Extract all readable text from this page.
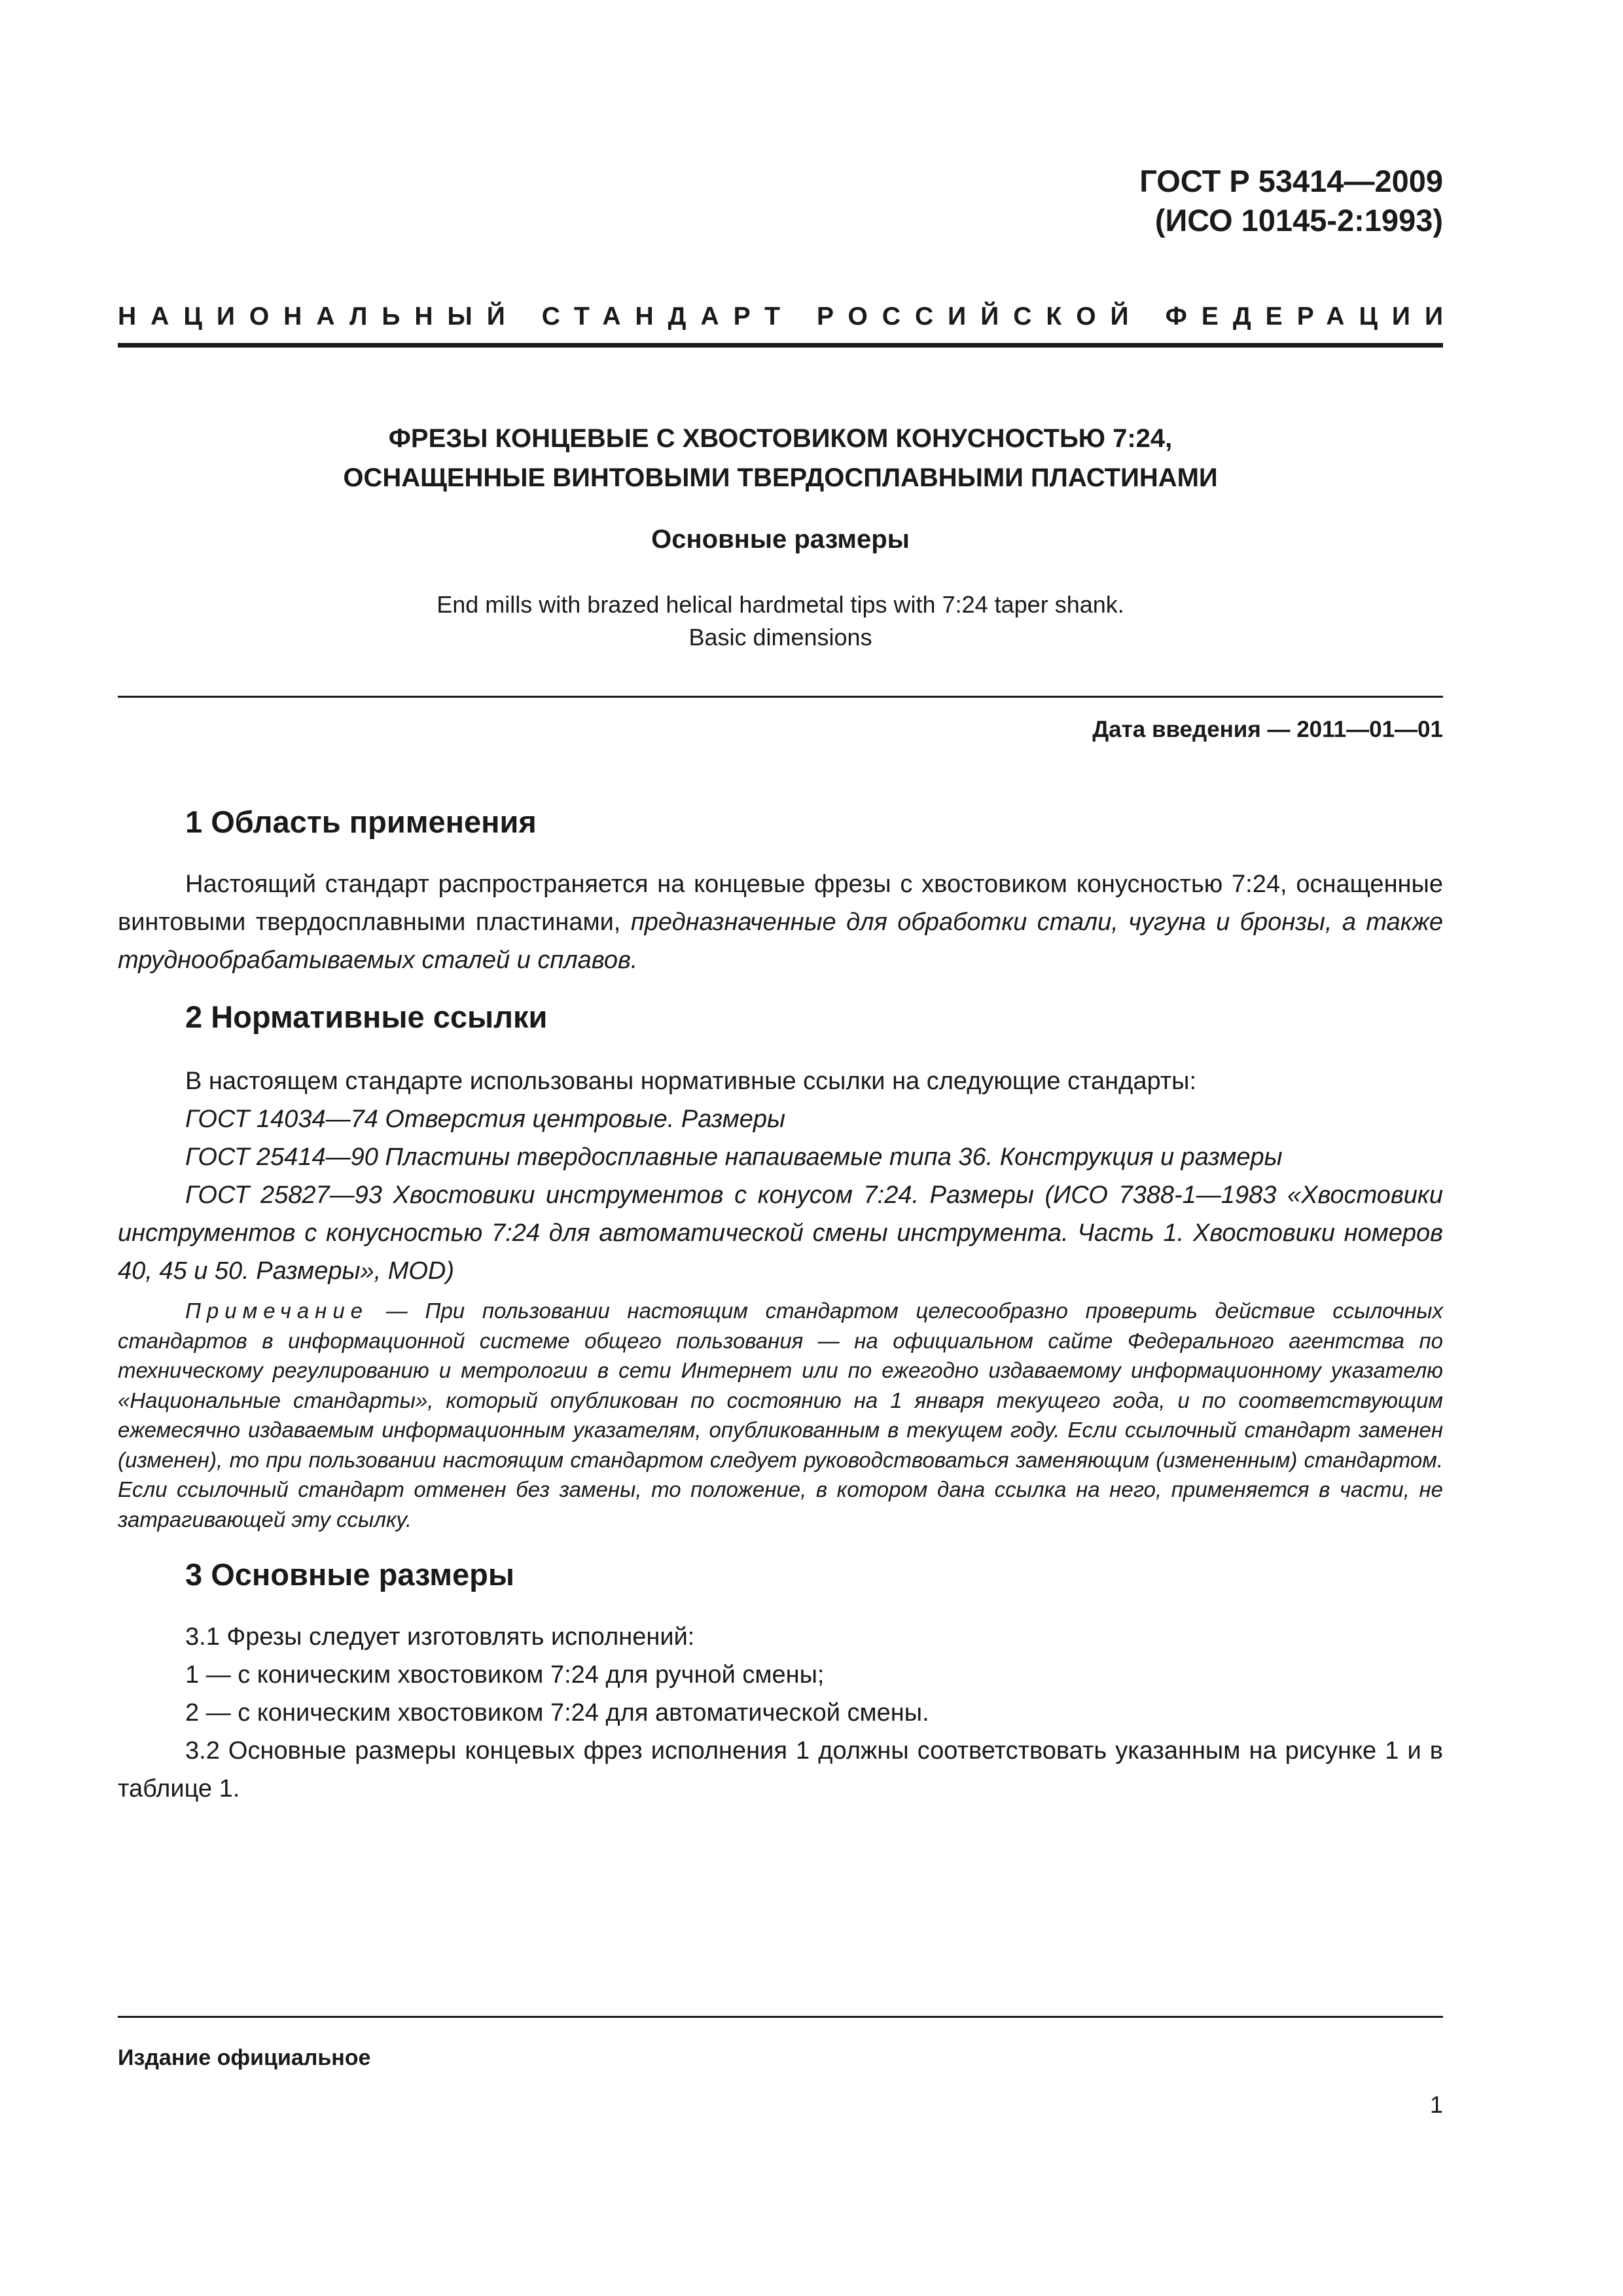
ГОСТ Р 53414—2009
(ИСО 10145-2:1993)
НАЦИОНАЛЬНЫЙ СТАНДАРТ РОССИЙСКОЙ ФЕДЕРАЦИИ
ФРЕЗЫ КОНЦЕВЫЕ С ХВОСТОВИКОМ КОНУСНОСТЬЮ 7:24,
ОСНАЩЕННЫЕ ВИНТОВЫМИ ТВЕРДОСПЛАВНЫМИ ПЛАСТИНАМИ
Основные размеры
End mills with brazed helical hardmetal tips with 7:24 taper shank.
Basic dimensions
Дата введения — 2011—01—01
1 Область применения
Настоящий стандарт распространяется на концевые фрезы с хвостовиком конусностью 7:24, оснащенные винтовыми твердосплавными пластинами, предназначенные для обработки стали, чугуна и бронзы, а также труднообрабатываемых сталей и сплавов.
2 Нормативные ссылки
В настоящем стандарте использованы нормативные ссылки на следующие стандарты:
ГОСТ 14034—74 Отверстия центровые. Размеры
ГОСТ 25414—90 Пластины твердосплавные напаиваемые типа 36. Конструкция и размеры
ГОСТ 25827—93 Хвостовики инструментов с конусом 7:24. Размеры (ИСО 7388-1—1983 «Хвостовики инструментов с конусностью 7:24 для автоматической смены инструмента. Часть 1. Хвостовики номеров 40, 45 и 50. Размеры», MOD)
Примечание — При пользовании настоящим стандартом целесообразно проверить действие ссылочных стандартов в информационной системе общего пользования — на официальном сайте Федерального агентства по техническому регулированию и метрологии в сети Интернет или по ежегодно издаваемому информационному указателю «Национальные стандарты», который опубликован по состоянию на 1 января текущего года, и по соответствующим ежемесячно издаваемым информационным указателям, опубликованным в текущем году. Если ссылочный стандарт заменен (изменен), то при пользовании настоящим стандартом следует руководствоваться заменяющим (измененным) стандартом. Если ссылочный стандарт отменен без замены, то положение, в котором дана ссылка на него, применяется в части, не затрагивающей эту ссылку.
3 Основные размеры
3.1 Фрезы следует изготовлять исполнений:
1 — с коническим хвостовиком 7:24 для ручной смены;
2 — с коническим хвостовиком 7:24 для автоматической смены.
3.2 Основные размеры концевых фрез исполнения 1 должны соответствовать указанным на рисунке 1 и в таблице 1.
Издание официальное
1
